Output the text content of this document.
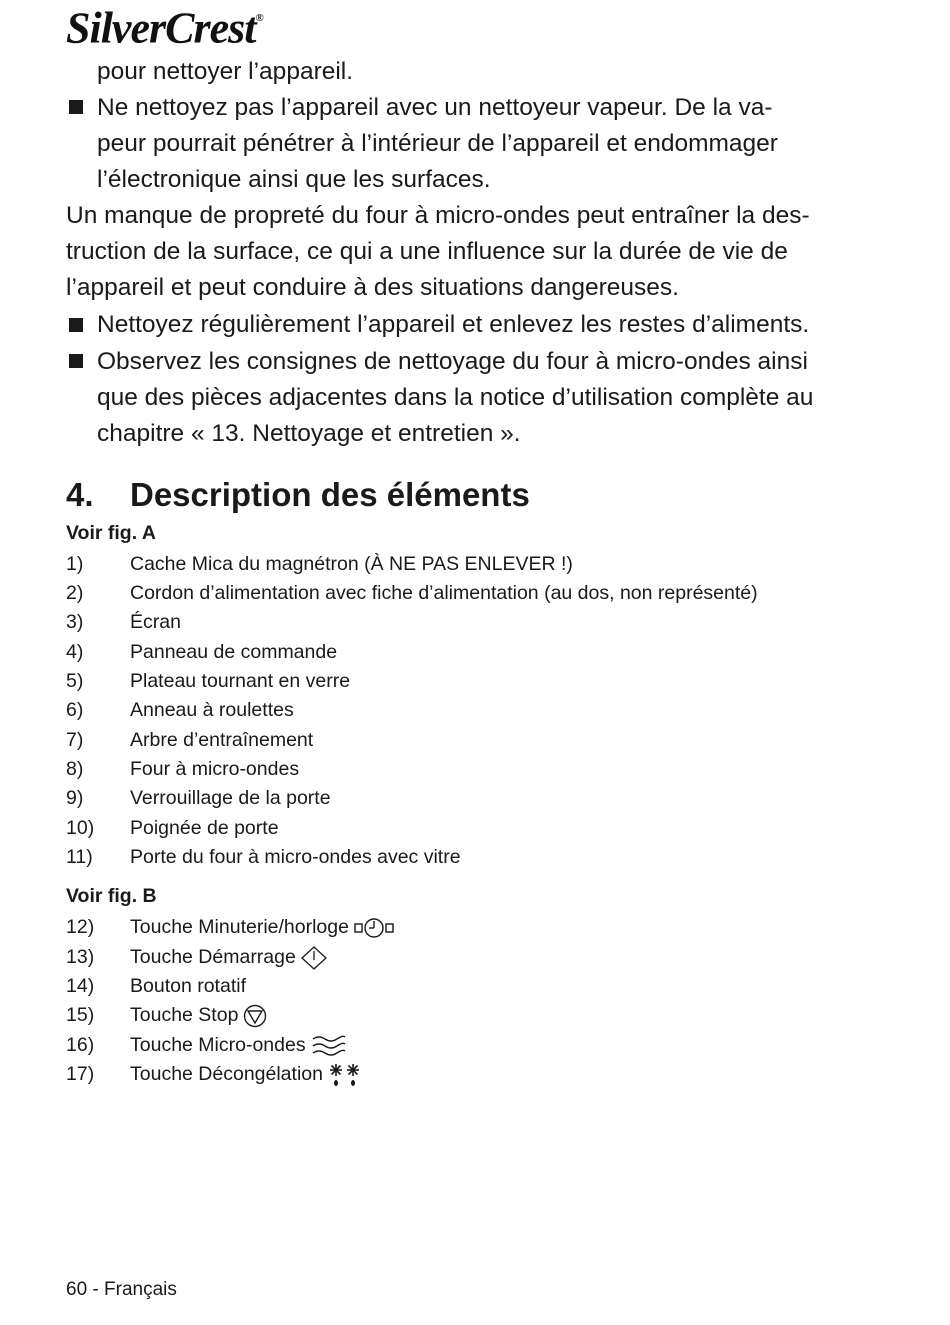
SilverCrest®
pour nettoyer l’appareil.
Ne nettoyez pas l’appareil avec un nettoyeur vapeur. De la va-
peur pourrait pénétrer à l’intérieur de l’appareil et endommager
l’électronique ainsi que les surfaces.
Un manque de propreté du four à micro-ondes peut entraîner la des-
truction de la surface, ce qui a une influence sur la durée de vie de
l’appareil et peut conduire à des situations dangereuses.
Nettoyez régulièrement l’appareil et enlevez les restes d’aliments.
Observez les consignes de nettoyage du four à micro-ondes ainsi
que des pièces adjacentes dans la notice d’utilisation complète au
chapitre « 13. Nettoyage et entretien ».
4. Description des éléments
Voir fig. A
1) Cache Mica du magnétron (À NE PAS ENLEVER !)
2) Cordon d’alimentation avec fiche d’alimentation (au dos, non représenté)
3) Écran
4) Panneau de commande
5) Plateau tournant en verre
6) Anneau à roulettes
7) Arbre d’entraînement
8) Four à micro-ondes
9) Verrouillage de la porte
10) Poignée de porte
11) Porte du four à micro-ondes avec vitre
Voir fig. B
12) Touche Minuterie/horloge
13) Touche Démarrage
14) Bouton rotatif
15) Touche Stop
16) Touche Micro-ondes
17) Touche Décongélation
60 - Français
